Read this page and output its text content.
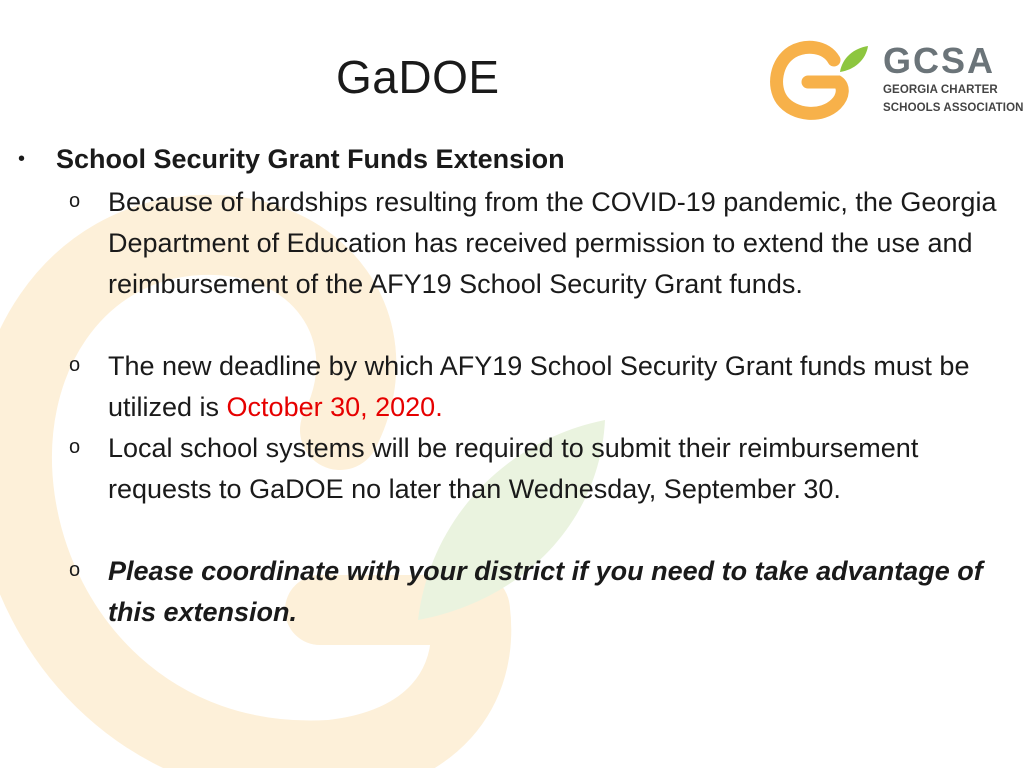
GaDOE	GCSA
GEORGIA CHARTER
SCHOOLS ASSOCIATION
• School Security Grant Funds Extension
o Because of hardships resulting from the COVID-19 pandemic, the Georgia Department of Education has received permission to extend the use and reimbursement of the AFY19 School Security Grant funds.
o The new deadline by which AFY19 School Security Grant funds must be utilized is October 30, 2020.
o Local school systems will be required to submit their reimbursement requests to GaDOE no later than Wednesday, September 30.
o Please coordinate with your district if you need to take advantage of this extension.
